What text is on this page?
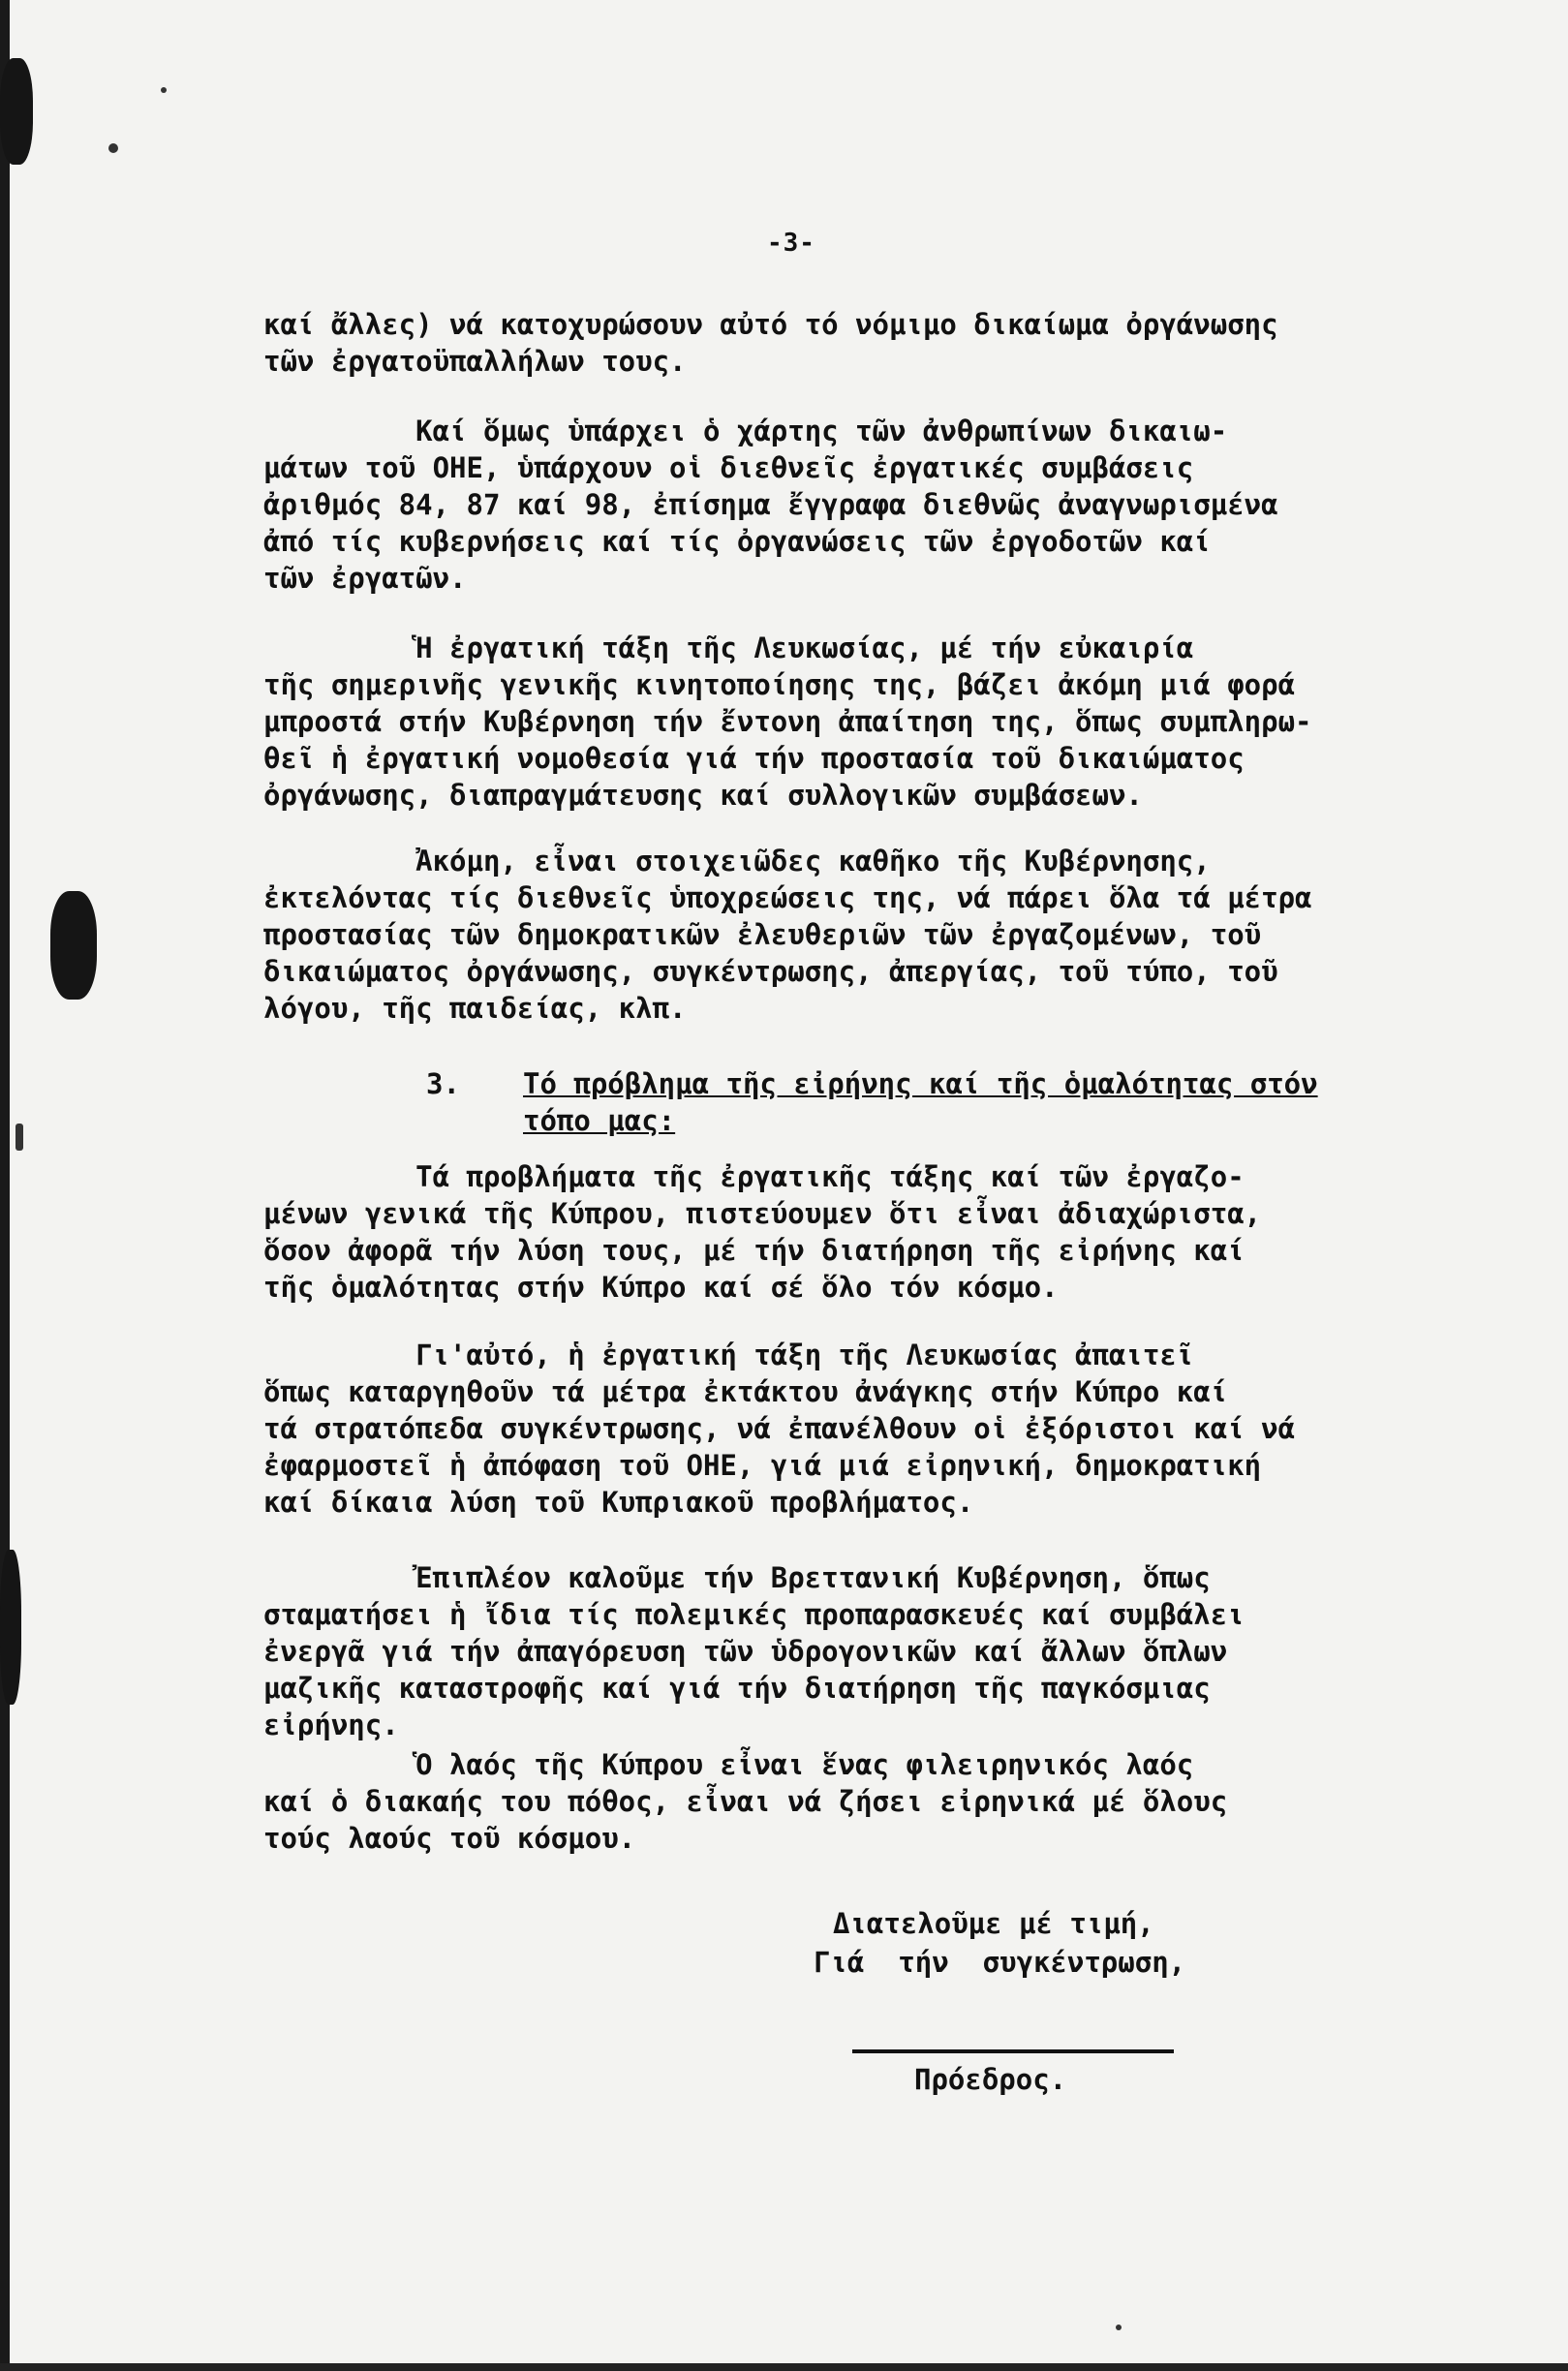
-3-

καί ἄλλες) νά κατοχυρώσουν αὐτό τό νόμιμο δικαίωμα ὀργάνωσης

τῶν ἐργατοϋπαλλήλων τους.

Καί ὅμως ὑπάρχει ὁ χάρτης τῶν ἀνθρωπίνων δικαιω-

μάτων τοῦ ΟΗΕ, ὑπάρχουν οἱ διεθνεῖς ἐργατικές συμβάσεις

ἀριθμός 84, 87 καί 98, ἐπίσημα ἔγγραφα διεθνῶς ἀναγνωρισμένα

ἀπό τίς κυβερνήσεις καί τίς ὀργανώσεις τῶν ἐργοδοτῶν καί

τῶν ἐργατῶν.

Ἡ ἐργατική τάξη τῆς Λευκωσίας, μέ τήν εὐκαιρία

τῆς σημερινῆς γενικῆς κινητοποίησης της, βάζει ἀκόμη μιά φορά

μπροστά στήν Κυβέρνηση τήν ἔντονη ἀπαίτηση της, ὅπως συμπληρω-

θεῖ ἡ ἐργατική νομοθεσία γιά τήν προστασία τοῦ δικαιώματος

ὀργάνωσης, διαπραγμάτευσης καί συλλογικῶν συμβάσεων.

Ἀκόμη, εἶναι στοιχειῶδες καθῆκο τῆς Κυβέρνησης,

ἐκτελόντας τίς διεθνεῖς ὑποχρεώσεις της, νά πάρει ὅλα τά μέτρα

προστασίας τῶν δημοκρατικῶν ἐλευθεριῶν τῶν ἐργαζομένων, τοῦ

δικαιώματος ὀργάνωσης, συγκέντρωσης, ἀπεργίας, τοῦ τύπο, τοῦ

λόγου, τῆς παιδείας, κλπ.

3. Τό πρόβλημα τῆς εἰρήνης καί τῆς ὁμαλότητας στόν
τόπο μας:

Τά προβλήματα τῆς ἐργατικῆς τάξης καί τῶν ἐργαζο-

μένων γενικά τῆς Κύπρου, πιστεύουμεν ὅτι εἶναι ἀδιαχώριστα,

ὅσον ἀφορᾶ τήν λύση τους, μέ τήν διατήρηση τῆς εἰρήνης καί

τῆς ὁμαλότητας στήν Κύπρο καί σέ ὅλο τόν κόσμο.

Γι'αὐτό, ἡ ἐργατική τάξη τῆς Λευκωσίας ἀπαιτεῖ

ὅπως καταργηθοῦν τά μέτρα ἐκτάκτου ἀνάγκης στήν Κύπρο καί

τά στρατόπεδα συγκέντρωσης, νά ἐπανέλθουν οἱ ἐξόριστοι καί νά

ἐφαρμοστεῖ ἡ ἀπόφαση τοῦ ΟΗΕ, γιά μιά εἰρηνική, δημοκρατική

καί δίκαια λύση τοῦ Κυπριακοῦ προβλήματος.

Ἐπιπλέον καλοῦμε τήν Βρεττανική Κυβέρνηση, ὅπως

σταματήσει ἡ ἴδια τίς πολεμικές προπαρασκευές καί συμβάλει

ἐνεργᾶ γιά τήν ἀπαγόρευση τῶν ὑδρογονικῶν καί ἄλλων ὅπλων

μαζικῆς καταστροφῆς καί γιά τήν διατήρηση τῆς παγκόσμιας

εἰρήνης.

Ὁ λαός τῆς Κύπρου εἶναι ἕνας φιλειρηνικός λαός

καί ὁ διακαής του πόθος, εἶναι νά ζήσει εἰρηνικά μέ ὅλους

τούς λαούς τοῦ κόσμου.

Διατελοῦμε μέ τιμή,

Γιά  τήν  συγκέντρωση,

Πρόεδρος.
